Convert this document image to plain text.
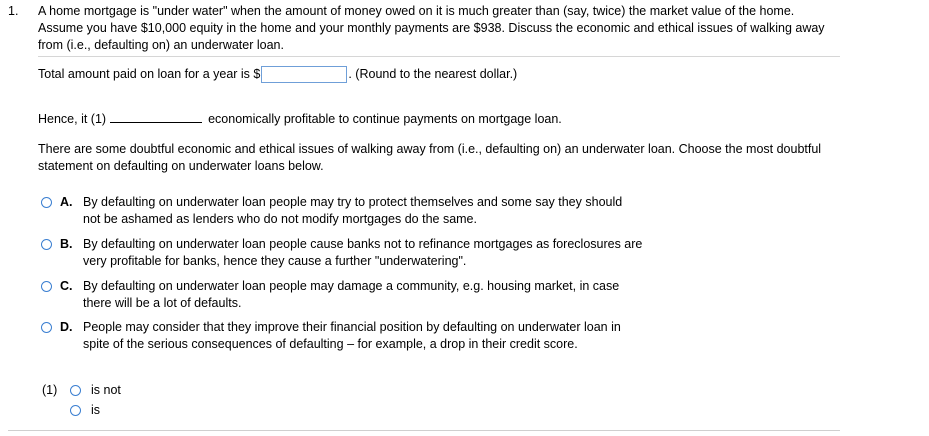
1. A home mortgage is "under water" when the amount of money owed on it is much greater than (say, twice) the market value of the home. Assume you have $10,000 equity in the home and your monthly payments are $938. Discuss the economic and ethical issues of walking away from (i.e., defaulting on) an underwater loan.
Total amount paid on loan for a year is $	. (Round to the nearest dollar.)
Hence, it (1)	economically profitable to continue payments on mortgage loan.
There are some doubtful economic and ethical issues of walking away from (i.e., defaulting on) an underwater loan. Choose the most doubtful statement on defaulting on underwater loans below.
A. By defaulting on underwater loan people may try to protect themselves and some say they should not be ashamed as lenders who do not modify mortgages do the same.
B. By defaulting on underwater loan people cause banks not to refinance mortgages as foreclosures are very profitable for banks, hence they cause a further "underwatering".
C. By defaulting on underwater loan people may damage a community, e.g. housing market, in case there will be a lot of defaults.
D. People may consider that they improve their financial position by defaulting on underwater loan in spite of the serious consequences of defaulting – for example, a drop in their credit score.
(1)	is not
is
